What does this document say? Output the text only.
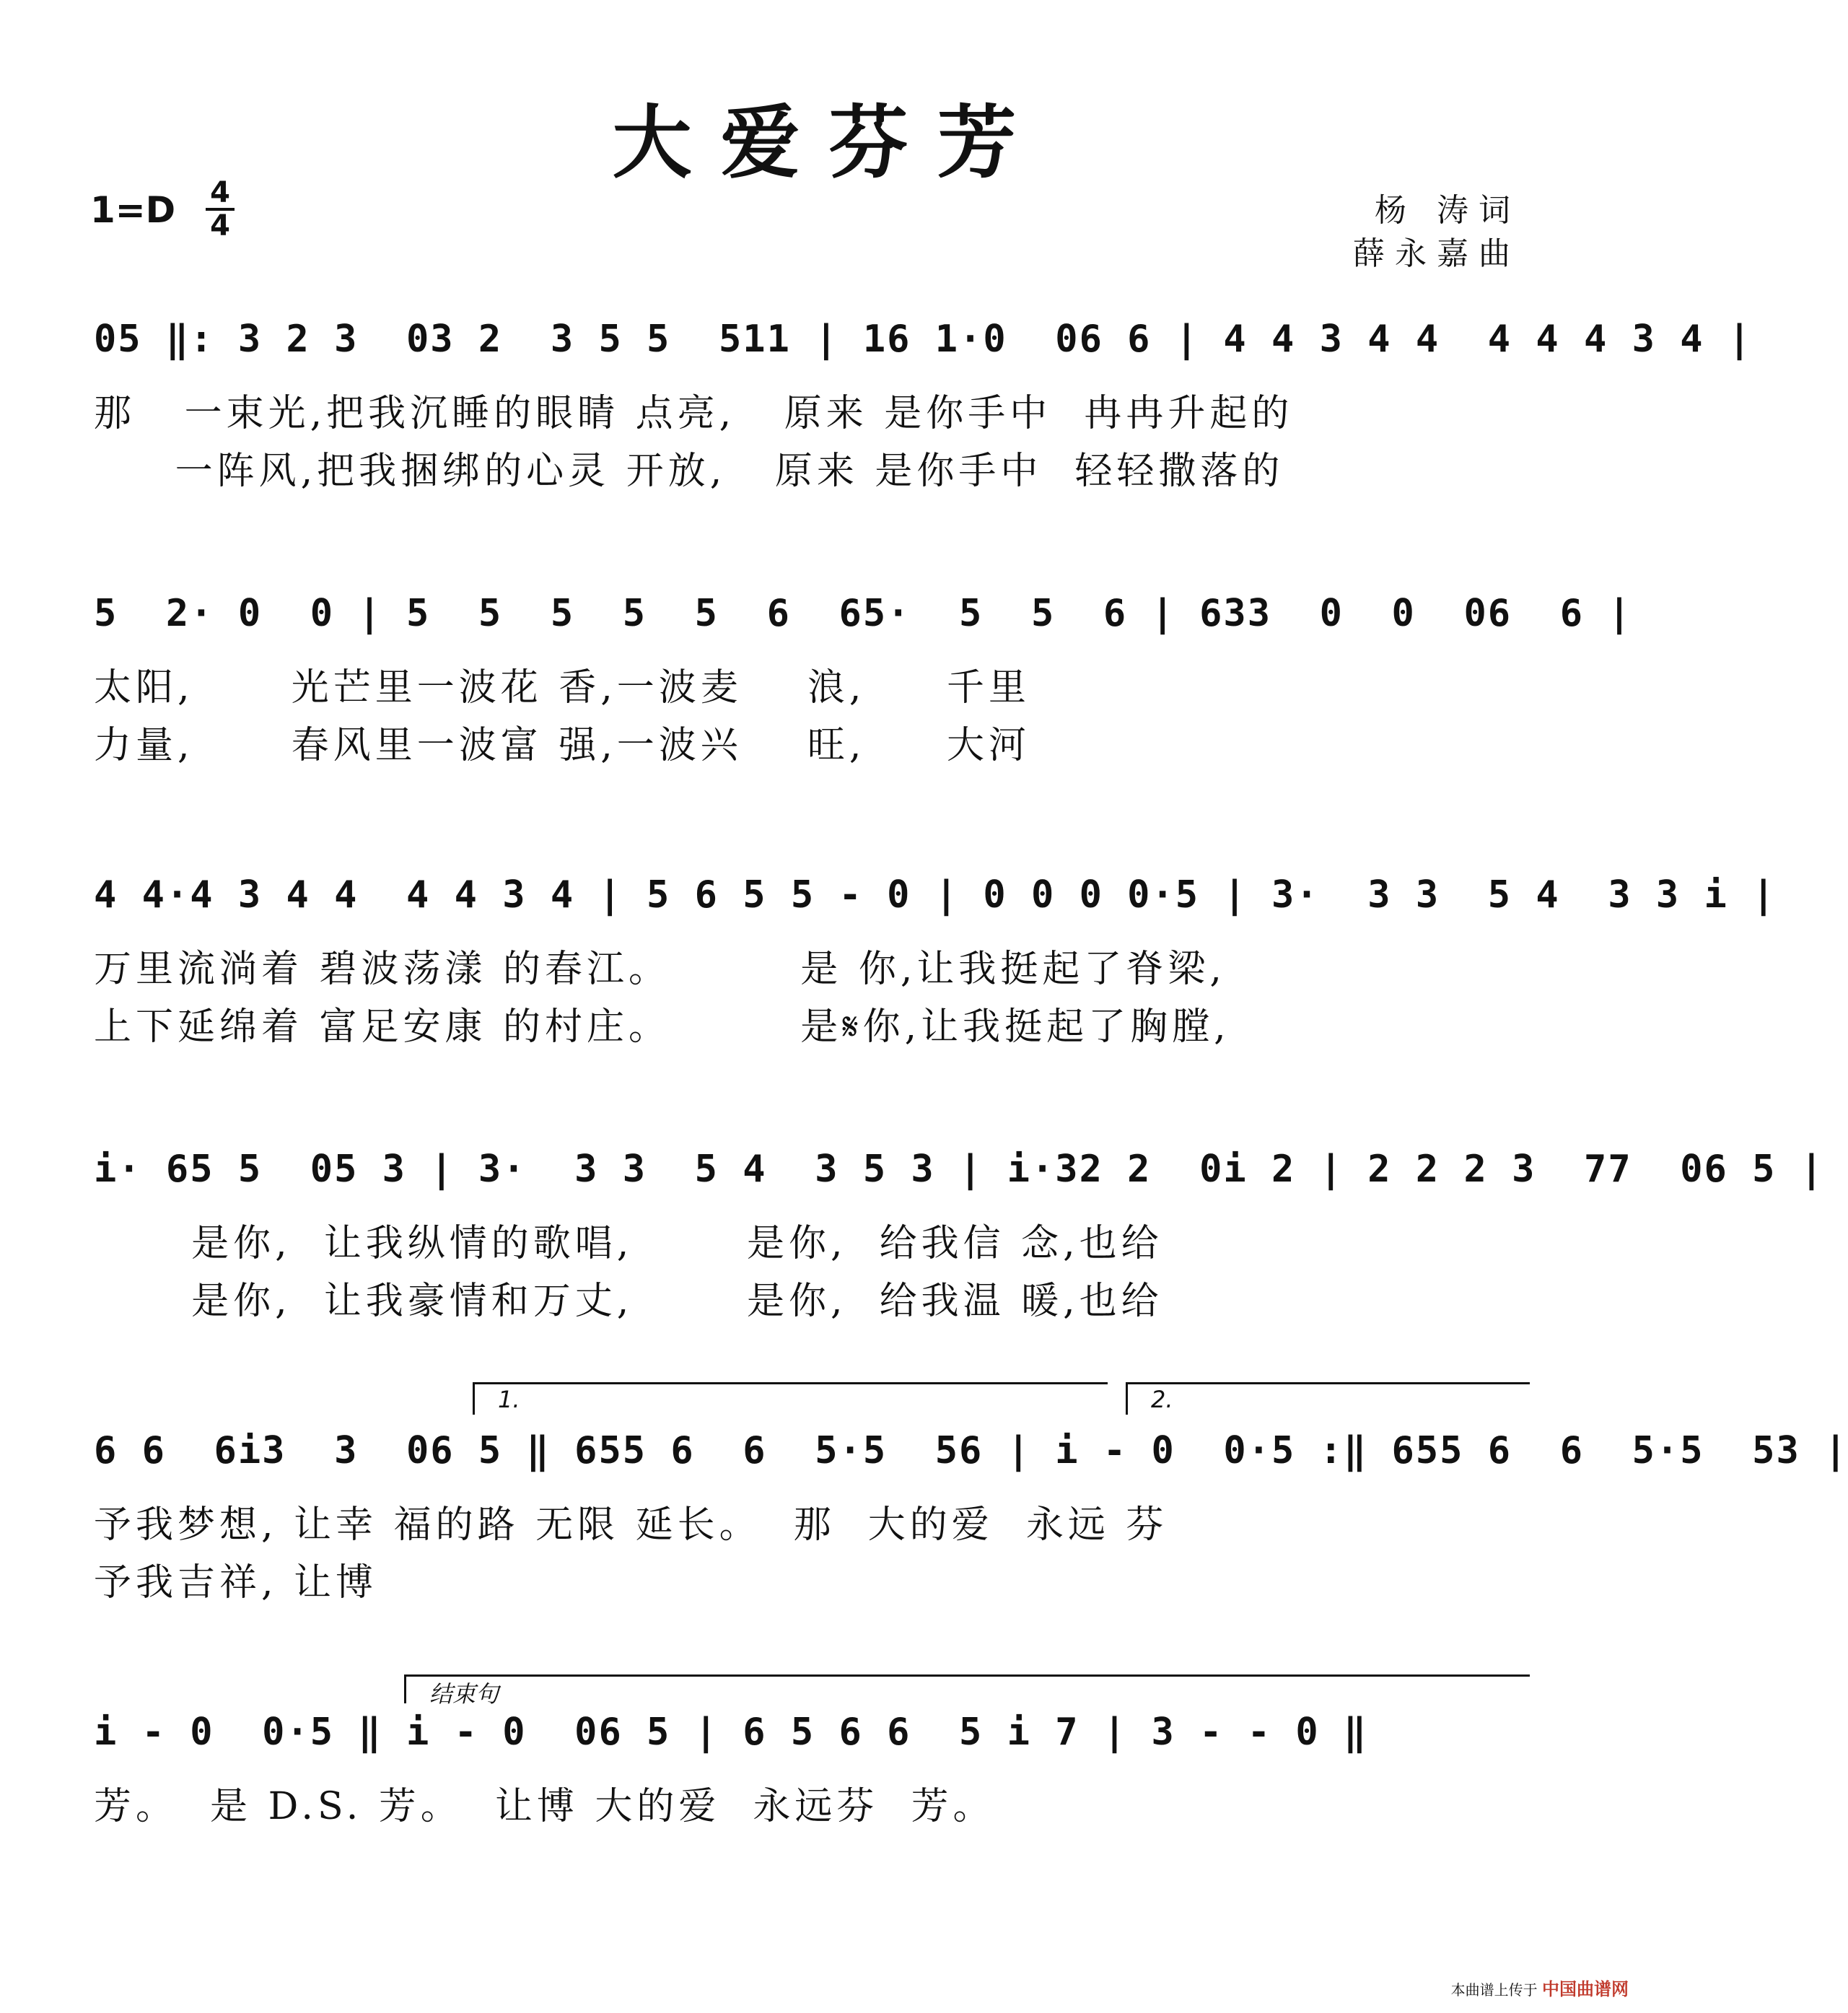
大爱芬芳
1=D 4
4	杨 涛词
薛永嘉曲
05 ‖: 3 2 3  03 2  3 5 5  511 | 16 1·0  06 6 | 4 4 3 4 4  4 4 4 3 4 |
那   一束光,把我沉睡的眼睛 点亮,   原来 是你手中  冉冉升起的
一阵风,把我捆绑的心灵 开放,   原来 是你手中  轻轻撒落的
5  2· 0  0 | 5  5  5  5  5  6  65·  5  5  6 | 633  0  0  06  6 |
太阳,      光芒里一波花 香,一波麦    浪,     千里
力量,      春风里一波富 强,一波兴    旺,     大河
4 4·4 3 4 4  4 4 3 4 | 5 6 5 5 - 0 | 0 0 0 0·5 | 3·  3 3  5 4  3 3 i |
万里流淌着 碧波荡漾 的春江。        是 你,让我挺起了脊梁,
上下延绵着 富足安康 的村庄。        是𝄋你,让我挺起了胸膛,
i· 65 5  05 3 | 3·  3 3  5 4  3 5 3 | i·32 2  0i 2 | 2 2 2 3  77  06 5 |
是你,  让我纵情的歌唱,       是你,  给我信 念,也给
是你,  让我豪情和万丈,       是你,  给我温 暖,也给
6 6  6i3  3  06 5 ‖ 655 6  6  5·5  56 | i - 0  0·5 :‖ 655 6  6  5·5  53 |
予我梦想, 让幸 福的路 无限 延长。  那  大的爱  永远 芬
予我吉祥, 让博
1.	2.
i - 0  0·5 ‖ i - 0  06 5 | 6 5 6 6  5 i 7 | 3 - - 0 ‖
芳。  是 D.S. 芳。  让博 大的爱  永远芬  芳。
结束句
本曲谱上传于 中国曲谱网
